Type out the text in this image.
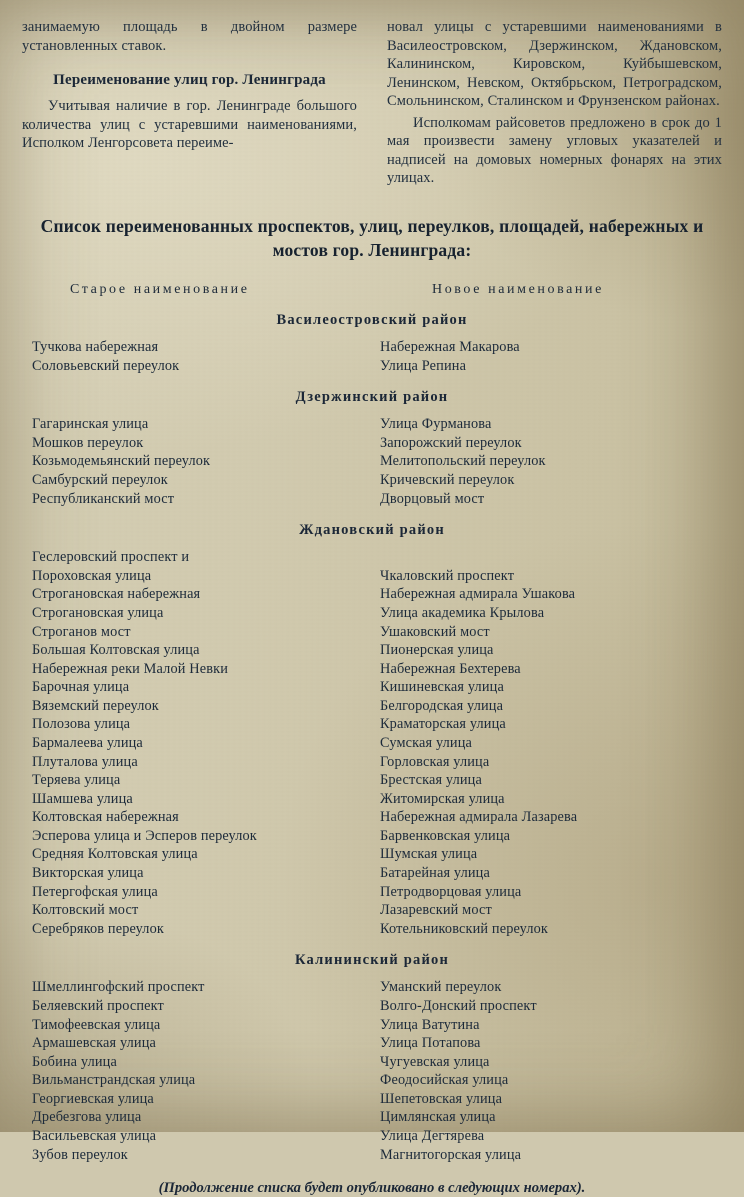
занимаемую площадь в двойном размере установленных ставок.

Переименование улиц гор. Ленинграда

Учитывая наличие в гор. Ленинграде большого количества улиц с устаревшими наименованиями, Исполком Ленгорсовета переиме-

новал улицы с устаревшими наименованиями в Василеостровском, Дзержинском, Ждановском, Калининском, Кировском, Куйбышевском, Ленинском, Невском, Октябрьском, Петроградском, Смольнинском, Сталинском и Фрунзенском районах.

Исполкомам райсоветов предложено в срок до 1 мая произвести замену угловых указателей и надписей на домовых номерных фонарях на этих улицах.

Список переименованных проспектов, улиц, переулков, площадей, набережных и мостов гор. Ленинграда:
Старое наименование	Новое наименование
Василеостровский район
Тучкова набережная	Набережная Макарова
Соловьевский переулок	Улица Репина
Дзержинский район
Гагаринская улица	Улица Фурманова
Мошков переулок	Запорожский переулок
Козьмодемьянский переулок	Мелитопольский переулок
Самбурский переулок	Кричевский переулок
Республиканский мост	Дворцовый мост
Ждановский район
Геслеровский проспект и
Пороховская улица	Чкаловский проспект
Строгановская набережная	Набережная адмирала Ушакова
Строгановская улица	Улица академика Крылова
Строганов мост	Ушаковский мост
Большая Колтовская улица	Пионерская улица
Набережная реки Малой Невки	Набережная Бехтерева
Барочная улица	Кишиневская улица
Вяземский переулок	Белгородская улица
Полозова улица	Краматорская улица
Бармалеева улица	Сумская улица
Плуталова улица	Горловская улица
Теряева улица	Брестская улица
Шамшева улица	Житомирская улица
Колтовская набережная	Набережная адмирала Лазарева
Эсперова улица и Эсперов переулок	Барвенковская улица
Средняя Колтовская улица	Шумская улица
Викторская улица	Батарейная улица
Петергофская улица	Петродворцовая улица
Колтовский мост	Лазаревский мост
Серебряков переулок	Котельниковский переулок
Калининский район
Шмеллингофский проспект	Уманский переулок
Беляевский проспект	Волго-Донский проспект
Тимофеевская улица	Улица Ватутина
Армашевская улица	Улица Потапова
Бобина улица	Чугуевская улица
Вильманстрандская улица	Феодосийская улица
Георгиевская улица	Шепетовская улица
Дребезгова улица	Цимлянская улица
Васильевская улица	Улица Дегтярева
Зубов переулок	Магнитогорская улица
(Продолжение списка будет опубликовано в следующих номерах).
